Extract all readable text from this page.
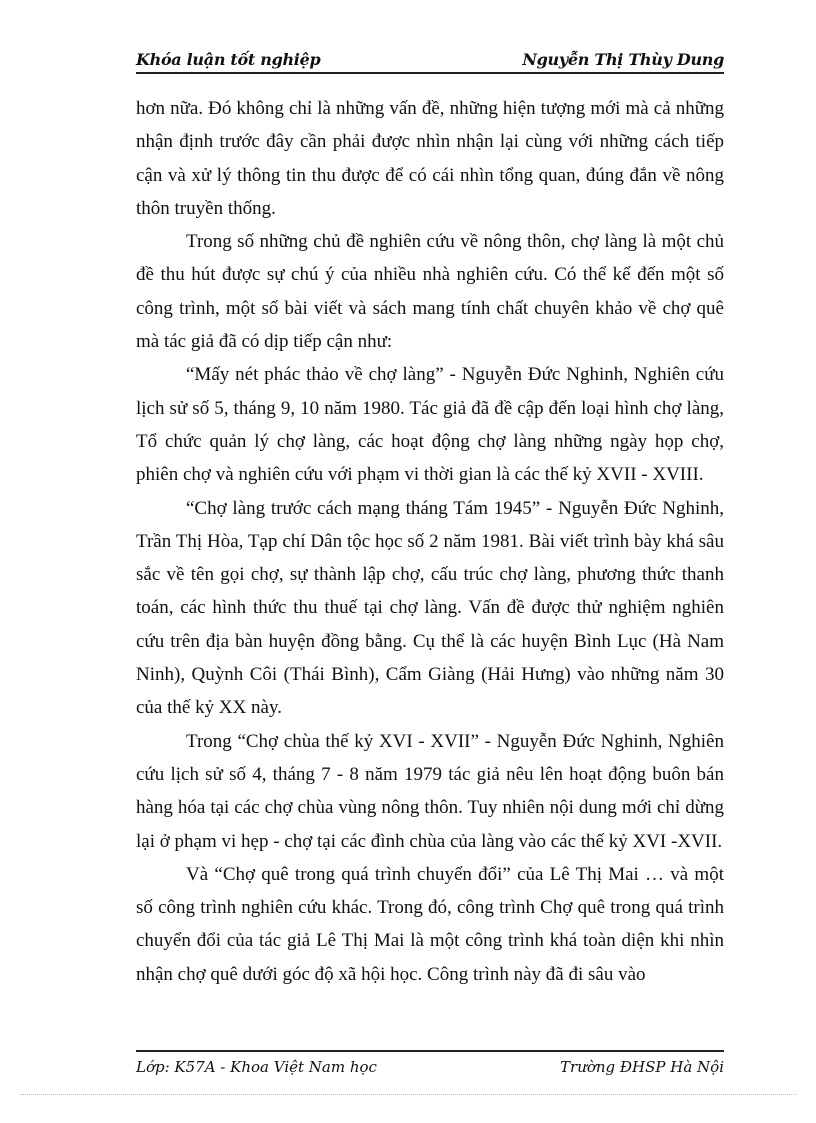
Khóa luận tốt nghiệp	Nguyễn Thị Thùy Dung

hơn nữa. Đó không chỉ là những vấn đề, những hiện tượng mới mà cả những nhận định trước đây cần phải được nhìn nhận lại cùng với những cách tiếp cận và xử lý thông tin thu được để có cái nhìn tổng quan, đúng đắn về nông thôn truyền thống.

Trong số những chủ đề nghiên cứu về nông thôn, chợ làng là một chủ đề thu hút được sự chú ý của nhiều nhà nghiên cứu. Có thể kể đến một số công trình, một số bài viết và sách mang tính chất chuyên khảo về chợ quê mà tác giả đã có dịp tiếp cận như:

“Mấy nét phác thảo về chợ làng” - Nguyễn Đức Nghinh, Nghiên cứu lịch sử số 5, tháng 9, 10 năm 1980. Tác giả đã đề cập đến loại hình chợ làng, Tổ chức quản lý chợ làng, các hoạt động chợ làng những ngày họp chợ, phiên chợ và nghiên cứu với phạm vi thời gian là các thế kỷ XVII - XVIII.

“Chợ làng trước cách mạng tháng Tám 1945” - Nguyễn Đức Nghinh, Trần Thị Hòa, Tạp chí Dân tộc học số 2 năm 1981. Bài viết trình bày khá sâu sắc về tên gọi chợ, sự thành lập chợ, cấu trúc chợ làng, phương thức thanh toán, các hình thức thu thuế tại chợ làng. Vấn đề được thử nghiệm nghiên cứu trên địa bàn huyện đồng bằng. Cụ thể là các huyện Bình Lục (Hà Nam Ninh), Quỳnh Côi (Thái Bình), Cẩm Giàng (Hải Hưng) vào những năm 30 của thế kỷ XX này.

Trong “Chợ chùa thế kỷ XVI - XVII” - Nguyễn Đức Nghinh, Nghiên cứu lịch sử số 4, tháng 7 - 8 năm 1979 tác giả nêu lên hoạt động buôn bán hàng hóa tại các chợ chùa vùng nông thôn. Tuy nhiên nội dung mới chỉ dừng lại ở phạm vi hẹp - chợ tại các đình chùa của làng vào các thế kỷ XVI -XVII.

Và “Chợ quê trong quá trình chuyển đổi” của Lê Thị Mai … và một số công trình nghiên cứu khác. Trong đó, công trình Chợ quê trong quá trình chuyển đổi của tác giả Lê Thị Mai là một công trình khá toàn diện khi nhìn nhận chợ quê dưới góc độ xã hội học. Công trình này đã đi sâu vào

Lớp: K57A - Khoa Việt Nam học	Trường ĐHSP Hà Nội
